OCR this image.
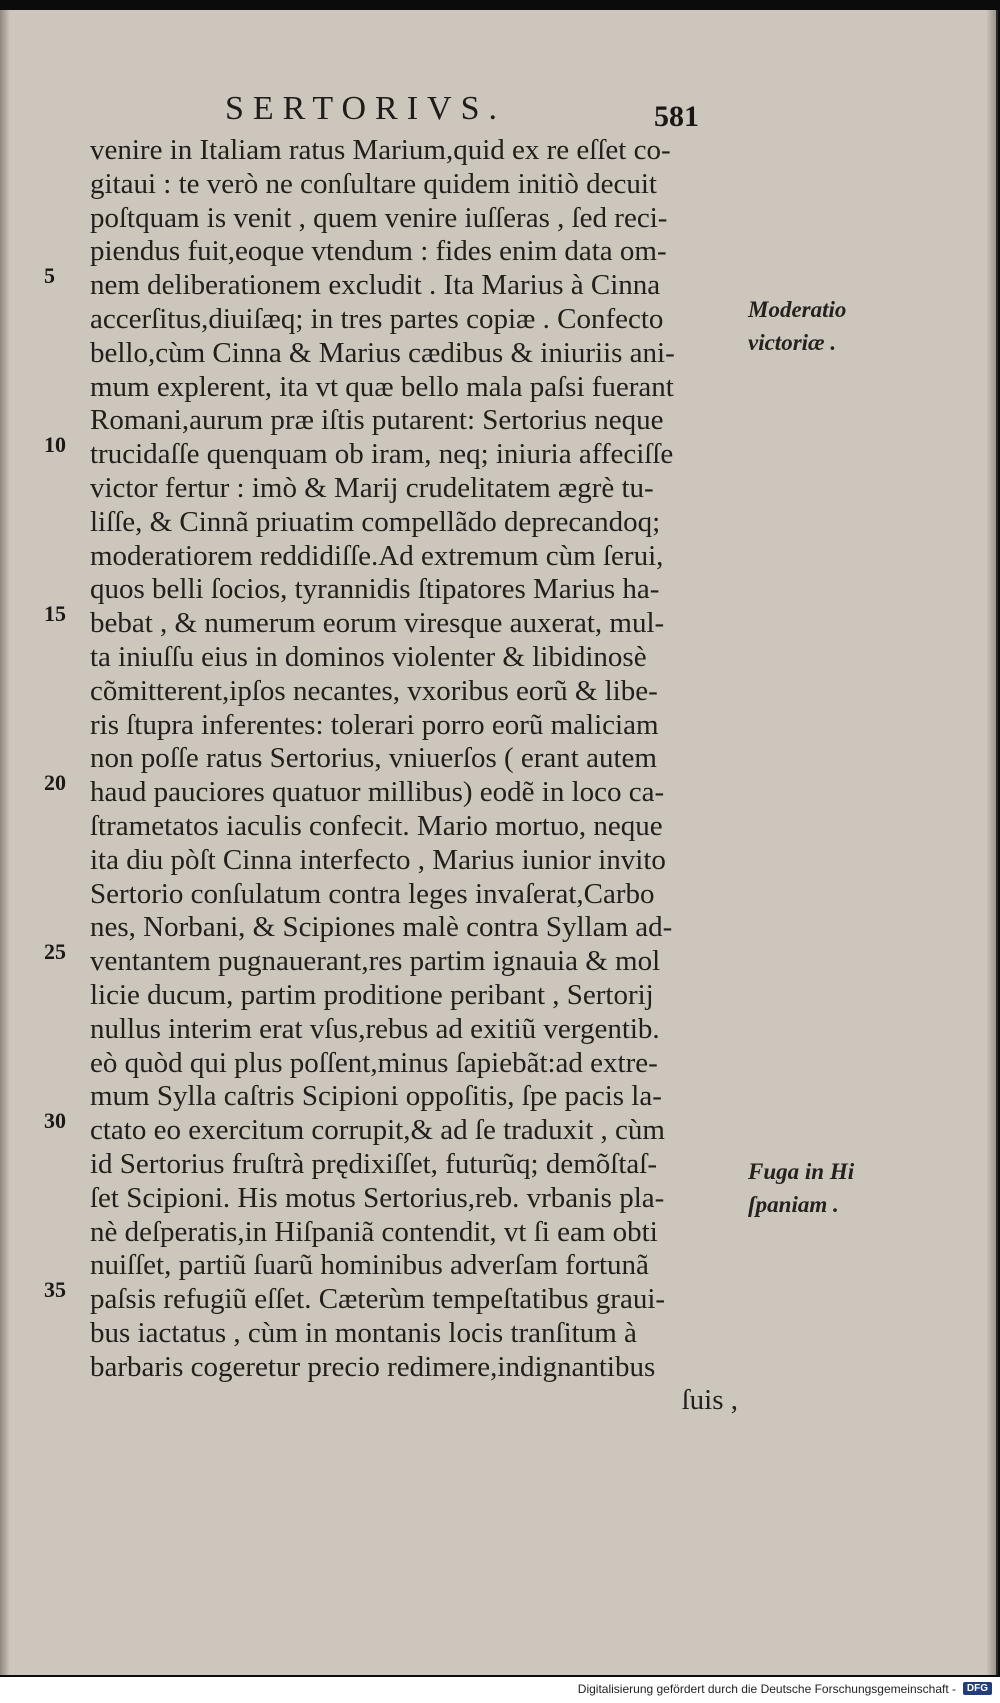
SERTORIVS.	581
venire in Italiam ratus Marium,quid ex re eſſet co-
gitaui : te verò ne conſultare quidem initiò decuit
poſtquam is venit , quem venire iuſſeras , ſed reci-
piendus fuit,eoque vtendum : fides enim data om-
nem deliberationem excludit . Ita Marius à Cinna
accerſitus,diuiſæq; in tres partes copiæ . Confecto
bello,cùm Cinna & Marius cædibus & iniuriis ani-
mum explerent, ita vt quæ bello mala paſsi fuerant
Romani,aurum præ iſtis putarent: Sertorius neque
trucidaſſe quenquam ob iram, neq; iniuria affeciſſe
victor fertur : imò & Marij crudelitatem ægrè tu-
liſſe, & Cinnã priuatim compellãdo deprecandoq;
moderatiorem reddidiſſe.Ad extremum cùm ſerui,
quos belli ſocios, tyrannidis ſtipatores Marius ha-
bebat , & numerum eorum viresque auxerat, mul-
ta iniuſſu eius in dominos violenter & libidinosè
cõmitterent,ipſos necantes, vxoribus eorũ & libe-
ris ſtupra inferentes: tolerari porro eorũ maliciam
non poſſe ratus Sertorius, vniuerſos ( erant autem
haud pauciores quatuor millibus) eodẽ in loco ca-
ſtrametatos iaculis confecit. Mario mortuo, neque
ita diu pòſt Cinna interfecto , Marius iunior invito
Sertorio conſulatum contra leges invaſerat,Carbo
nes, Norbani, & Scipiones malè contra Syllam ad-
ventantem pugnauerant,res partim ignauia & mol
licie ducum, partim proditione peribant , Sertorij
nullus interim erat vſus,rebus ad exitiũ vergentib.
eò quòd qui plus poſſent,minus ſapiebãt:ad extre-
mum Sylla caſtris Scipioni oppoſitis, ſpe pacis la-
ctato eo exercitum corrupit,& ad ſe traduxit , cùm
id Sertorius fruſtrà prędixiſſet, futurũq; demõſtaſ-
ſet Scipioni. His motus Sertorius,reb. vrbanis pla-
nè deſperatis,in Hiſpaniã contendit, vt ſi eam obti
nuiſſet, partiũ ſuarũ hominibus adverſam fortunã
paſsis refugiũ eſſet. Cæterùm tempeſtatibus graui-
bus iactatus , cùm in montanis locis tranſitum à
barbaris cogeretur precio redimere,indignantibus
ſuis ,
5
10
15
20
25
30
35
Moderatio
victoriæ .
Fuga in Hi
ſpaniam .
Digitalisierung gefördert durch die Deutsche Forschungsgemeinschaft -	DFG
